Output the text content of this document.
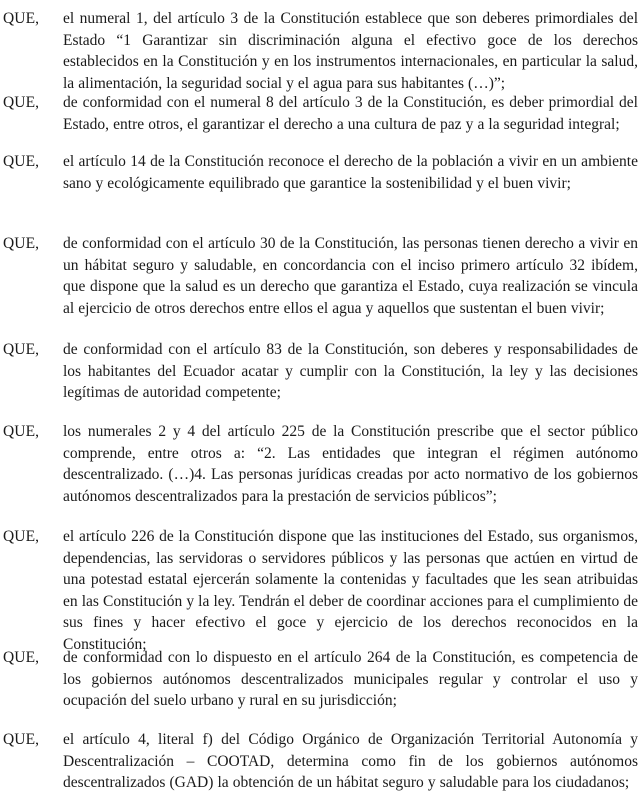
QUE, el numeral 1, del artículo 3 de la Constitución establece que son deberes primordiales del Estado “1 Garantizar sin discriminación alguna el efectivo goce de los derechos establecidos en la Constitución y en los instrumentos internacionales, en particular la salud, la alimentación, la seguridad social y el agua para sus habitantes (…)”;

QUE, de conformidad con el numeral 8 del artículo 3 de la Constitución, es deber primordial del Estado, entre otros, el garantizar el derecho a una cultura de paz y a la seguridad integral;

QUE, el artículo 14 de la Constitución reconoce el derecho de la población a vivir en un ambiente sano y ecológicamente equilibrado que garantice la sostenibilidad y el buen vivir;

QUE, de conformidad con el artículo 30 de la Constitución, las personas tienen derecho a vivir en un hábitat seguro y saludable, en concordancia con el inciso primero artículo 32 ibídem, que dispone que la salud es un derecho que garantiza el Estado, cuya realización se vincula al ejercicio de otros derechos entre ellos el agua y aquellos que sustentan el buen vivir;

QUE, de conformidad con el artículo 83 de la Constitución, son deberes y responsabilidades de los habitantes del Ecuador acatar y cumplir con la Constitución, la ley y las decisiones legítimas de autoridad competente;

QUE, los numerales 2 y 4 del artículo 225 de la Constitución prescribe que el sector público comprende, entre otros a: “2. Las entidades que integran el régimen autónomo descentralizado. (…)4. Las personas jurídicas creadas por acto normativo de los gobiernos autónomos descentralizados para la prestación de servicios públicos”;

QUE, el artículo 226 de la Constitución dispone que las instituciones del Estado, sus organismos, dependencias, las servidoras o servidores públicos y las personas que actúen en virtud de una potestad estatal ejercerán solamente la contenidas y facultades que les sean atribuidas en las Constitución y la ley. Tendrán el deber de coordinar acciones para el cumplimiento de sus fines y hacer efectivo el goce y ejercicio de los derechos reconocidos en la Constitución;

QUE, de conformidad con lo dispuesto en el artículo 264 de la Constitución, es competencia de los gobiernos autónomos descentralizados municipales regular y controlar el uso y ocupación del suelo urbano y rural en su jurisdicción;

QUE, el artículo 4, literal f) del Código Orgánico de Organización Territorial Autonomía y Descentralización – COOTAD, determina como fin de los gobiernos autónomos descentralizados (GAD) la obtención de un hábitat seguro y saludable para los ciudadanos;
